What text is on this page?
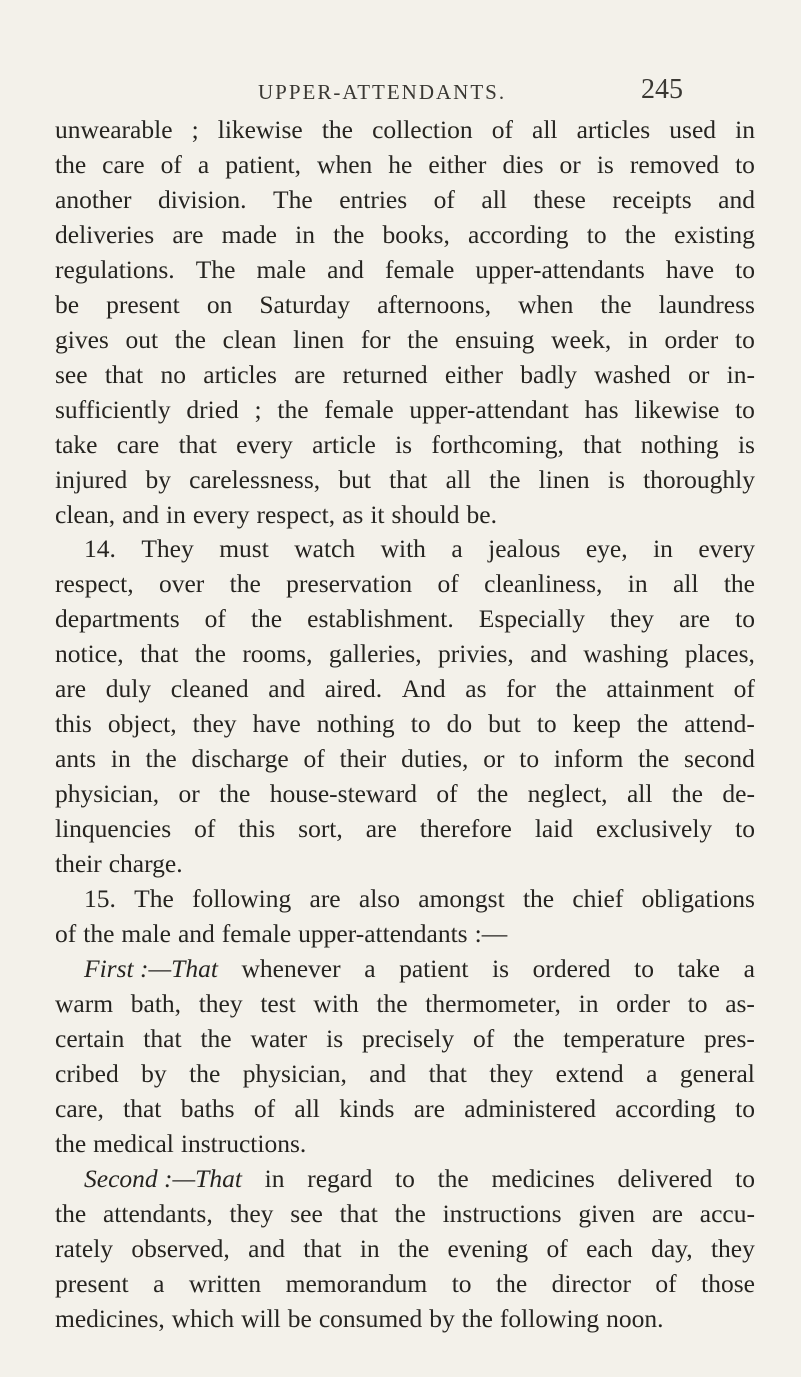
UPPER-ATTENDANTS.	245
unwearable ; likewise the collection of all articles used in
the care of a patient, when he either dies or is removed to
another division. The entries of all these receipts and
deliveries are made in the books, according to the existing
regulations. The male and female upper-attendants have to
be present on Saturday afternoons, when the laundress
gives out the clean linen for the ensuing week, in order to
see that no articles are returned either badly washed or in-
sufficiently dried ; the female upper-attendant has likewise to
take care that every article is forthcoming, that nothing is
injured by carelessness, but that all the linen is thoroughly
clean, and in every respect, as it should be.
14. They must watch with a jealous eye, in every
respect, over the preservation of cleanliness, in all the
departments of the establishment. Especially they are to
notice, that the rooms, galleries, privies, and washing places,
are duly cleaned and aired. And as for the attainment of
this object, they have nothing to do but to keep the attend-
ants in the discharge of their duties, or to inform the second
physician, or the house-steward of the neglect, all the de-
linquencies of this sort, are therefore laid exclusively to
their charge.
15. The following are also amongst the chief obligations
of the male and female upper-attendants :—
First :—That whenever a patient is ordered to take a
warm bath, they test with the thermometer, in order to as-
certain that the water is precisely of the temperature pres-
cribed by the physician, and that they extend a general
care, that baths of all kinds are administered according to
the medical instructions.
Second :—That in regard to the medicines delivered to
the attendants, they see that the instructions given are accu-
rately observed, and that in the evening of each day, they
present a written memorandum to the director of those
medicines, which will be consumed by the following noon.
